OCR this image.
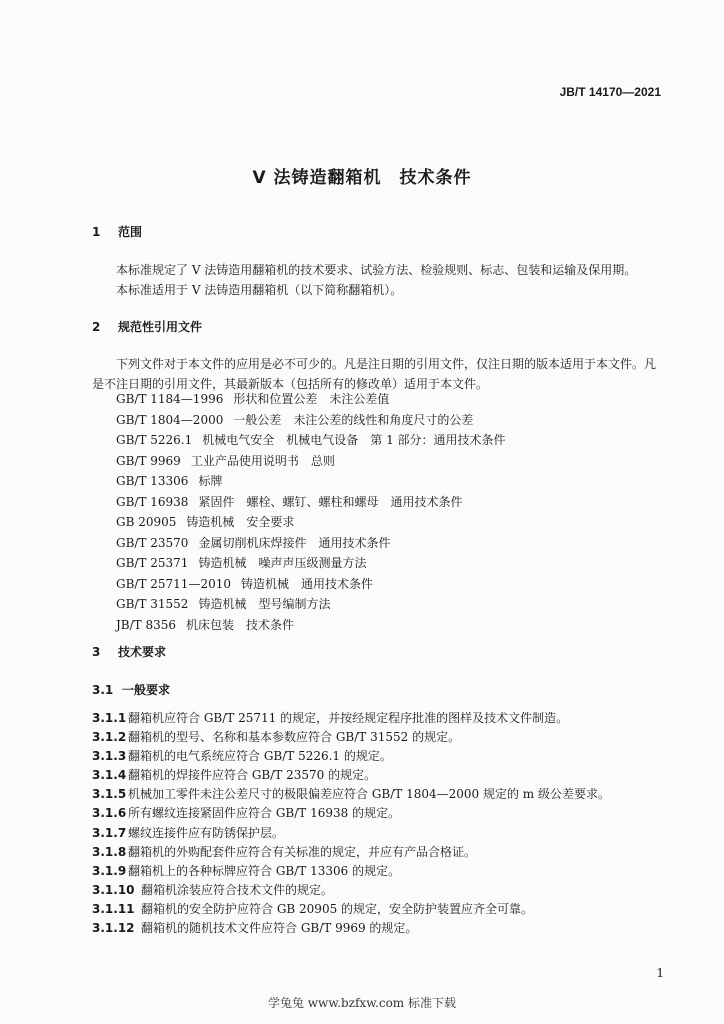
JB/T 14170—2021
V 法铸造翻箱机　技术条件
1 范围
本标准规定了 V 法铸造用翻箱机的技术要求、试验方法、检验规则、标志、包装和运输及保用期。
本标准适用于 V 法铸造用翻箱机（以下简称翻箱机）。
2 规范性引用文件
下列文件对于本文件的应用是必不可少的。凡是注日期的引用文件，仅注日期的版本适用于本文件。凡是不注日期的引用文件，其最新版本（包括所有的修改单）适用于本文件。
GB/T 1184—1996 形状和位置公差　未注公差值
GB/T 1804—2000 一般公差　未注公差的线性和角度尺寸的公差
GB/T 5226.1 机械电气安全　机械电气设备　第 1 部分：通用技术条件
GB/T 9969 工业产品使用说明书　总则
GB/T 13306 标牌
GB/T 16938 紧固件　螺栓、螺钉、螺柱和螺母　通用技术条件
GB 20905 铸造机械　安全要求
GB/T 23570 金属切削机床焊接件　通用技术条件
GB/T 25371 铸造机械　噪声声压级测量方法
GB/T 25711—2010 铸造机械　通用技术条件
GB/T 31552 铸造机械　型号编制方法
JB/T 8356 机床包装　技术条件
3 技术要求
3.1 一般要求
3.1.1 翻箱机应符合 GB/T 25711 的规定，并按经规定程序批准的图样及技术文件制造。
3.1.2 翻箱机的型号、名称和基本参数应符合 GB/T 31552 的规定。
3.1.3 翻箱机的电气系统应符合 GB/T 5226.1 的规定。
3.1.4 翻箱机的焊接件应符合 GB/T 23570 的规定。
3.1.5 机械加工零件未注公差尺寸的极限偏差应符合 GB/T 1804—2000 规定的 m 级公差要求。
3.1.6 所有螺纹连接紧固件应符合 GB/T 16938 的规定。
3.1.7 螺纹连接件应有防锈保护层。
3.1.8 翻箱机的外购配套件应符合有关标准的规定，并应有产品合格证。
3.1.9 翻箱机上的各种标牌应符合 GB/T 13306 的规定。
3.1.10 翻箱机涂装应符合技术文件的规定。
3.1.11 翻箱机的安全防护应符合 GB 20905 的规定，安全防护装置应齐全可靠。
3.1.12 翻箱机的随机技术文件应符合 GB/T 9969 的规定。
1
学兔兔 www.bzfxw.com 标准下载
